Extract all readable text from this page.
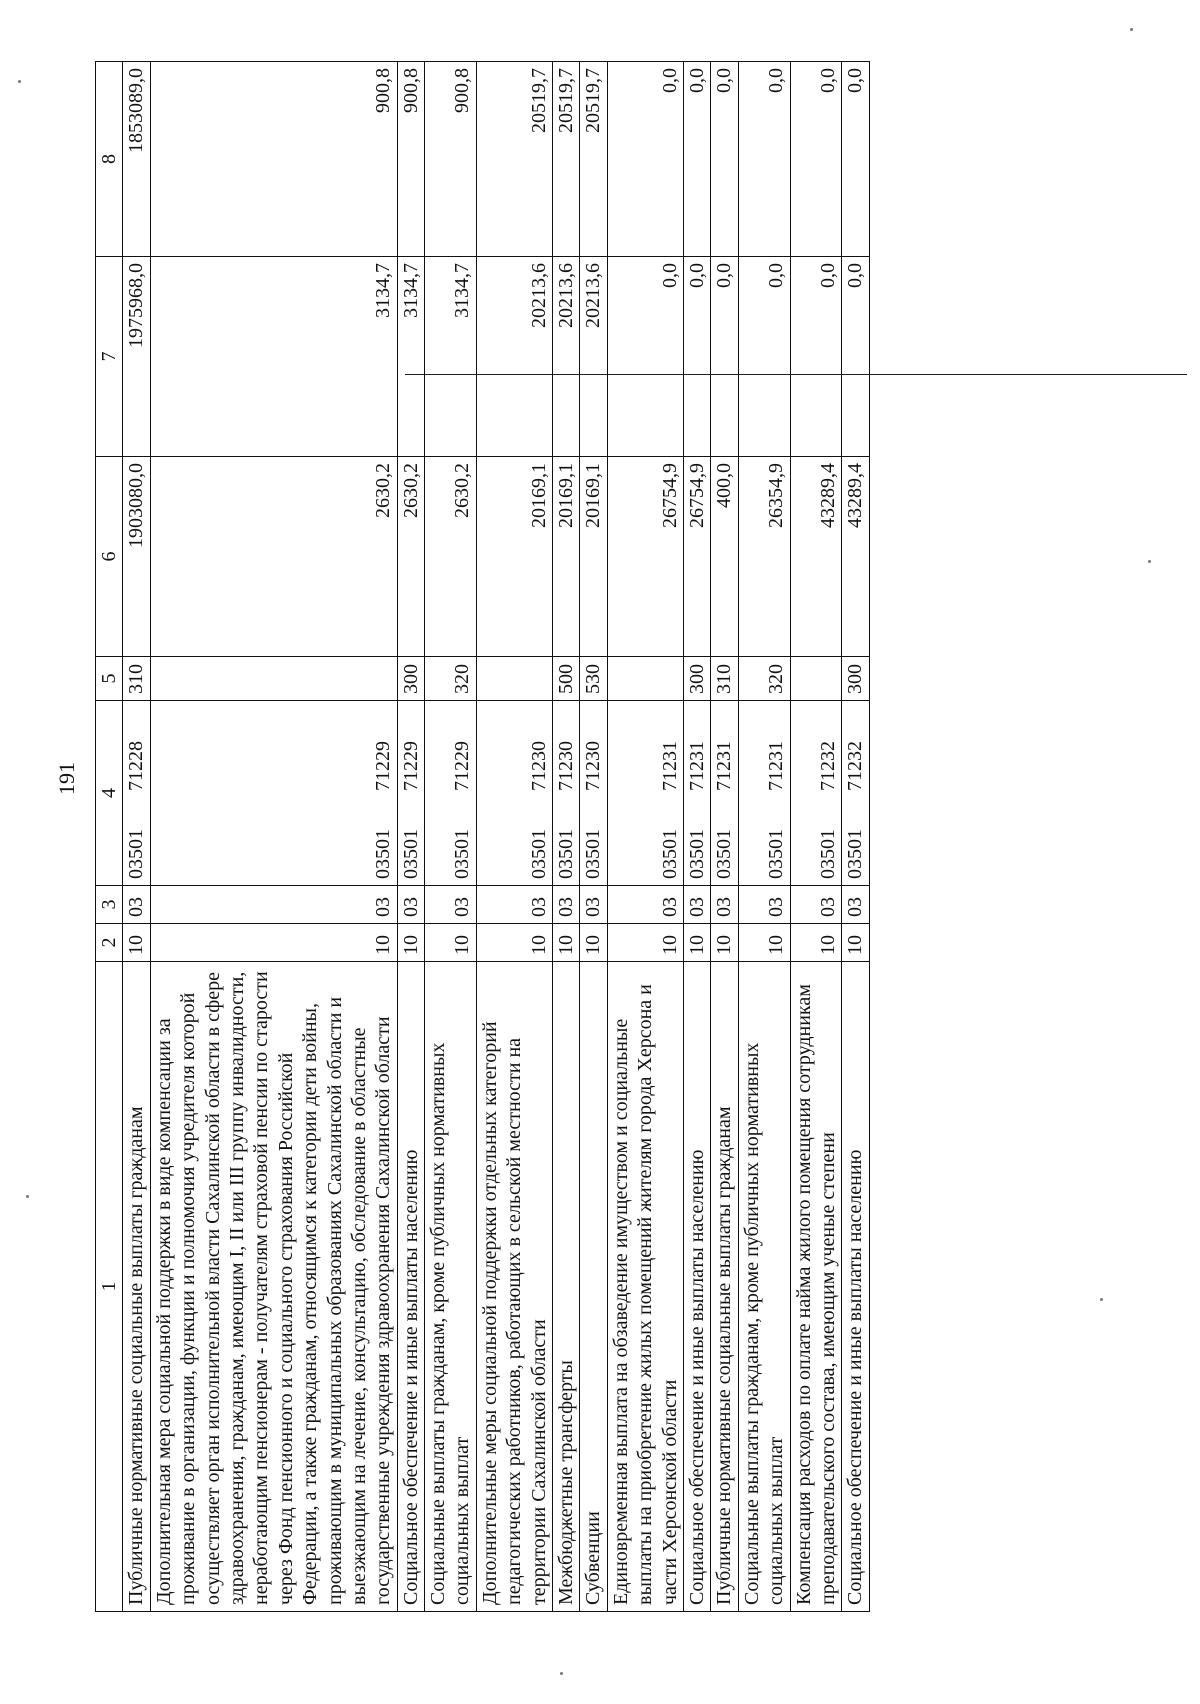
191
1	2	3	4	5	6	7	8
Публичные нормативные социальные выплаты гражданам	10	03	0350171228	310	1903080,0	1975968,0	1853089,0
Дополнительная мера социальной поддержки в виде компенсации за проживание в организации, функции и полномочия учредителя которой осуществляет орган исполнительной власти Сахалинской области в сфере здравоохранения, гражданам, имеющим I, II или III группу инвалидности, неработающим пенсионерам - получателям страховой пенсии по старости через Фонд пенсионного и социального страхования Российской Федерации, а также гражданам, относящимся к категории дети войны, проживающим в муниципальных образованиях Сахалинской области и выезжающим на лечение, консультацию, обследование в областные государственные учреждения здравоохранения Сахалинской области	10	03	0350171229		2630,2	3134,7	900,8
Социальное обеспечение и иные выплаты населению	10	03	0350171229	300	2630,2	3134,7	900,8
Социальные выплаты гражданам, кроме публичных нормативных социальных выплат	10	03	0350171229	320	2630,2	3134,7	900,8
Дополнительные меры социальной поддержки отдельных категорий педагогических работников, работающих в сельской местности на территории Сахалинской области	10	03	0350171230		20169,1	20213,6	20519,7
Межбюджетные трансферты	10	03	0350171230	500	20169,1	20213,6	20519,7
Субвенции	10	03	0350171230	530	20169,1	20213,6	20519,7
Единовременная выплата на обзаведение имуществом и социальные выплаты на приобретение жилых помещений жителям города Херсона и части Херсонской области	10	03	0350171231		26754,9	0,0	0,0
Социальное обеспечение и иные выплаты населению	10	03	0350171231	300	26754,9	0,0	0,0
Публичные нормативные социальные выплаты гражданам	10	03	0350171231	310	400,0	0,0	0,0
Социальные выплаты гражданам, кроме публичных нормативных социальных выплат	10	03	0350171231	320	26354,9	0,0	0,0
Компенсация расходов по оплате найма жилого помещения сотрудникам преподавательского состава, имеющим ученые степени	10	03	0350171232		43289,4	0,0	0,0
Социальное обеспечение и иные выплаты населению	10	03	0350171232	300	43289,4	0,0	0,0
